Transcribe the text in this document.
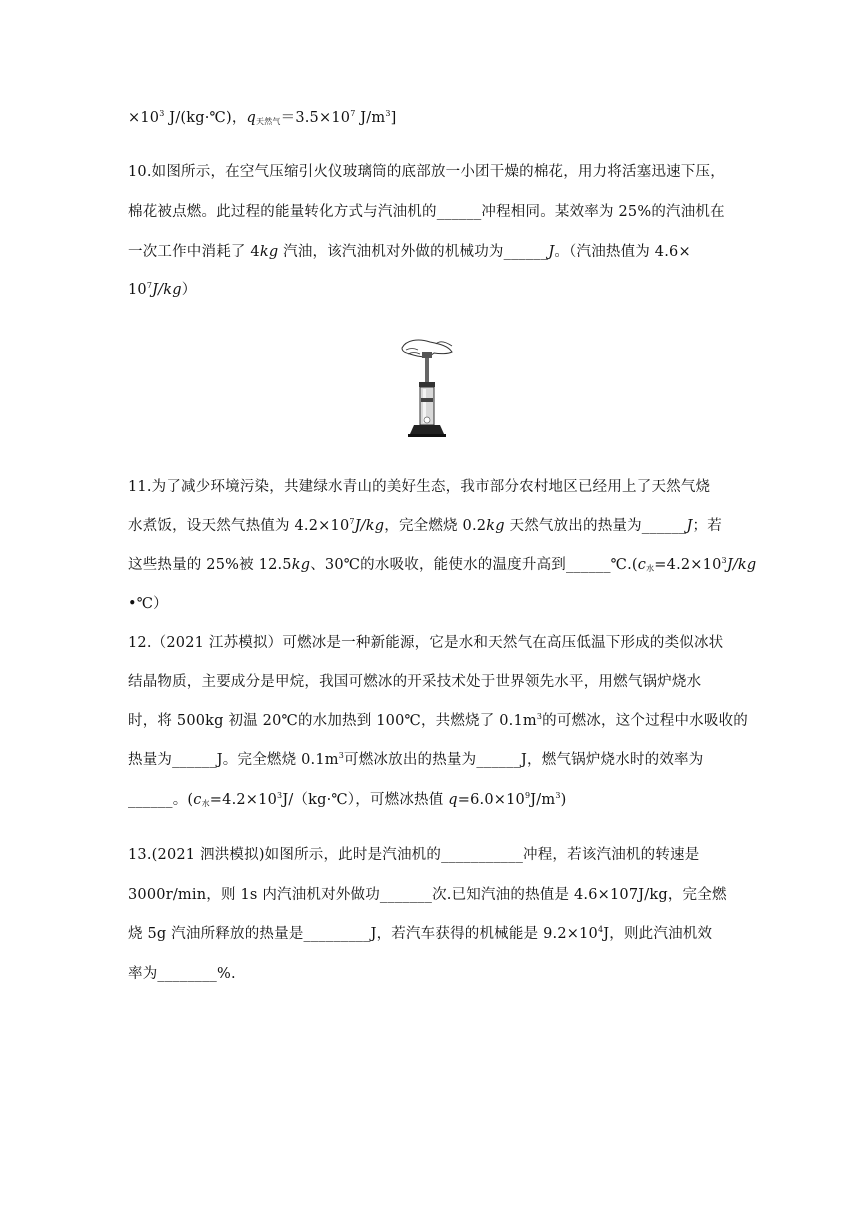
$\times 10^3$ J/(kg·℃)，$q_{天然气}=3.5\times 10^7$ $J/m^3$]
10.如图所示，在空气压缩引火仪玻璃筒的底部放一小团干燥的棉花，用力将活塞迅速下压，
棉花被点燃。此过程的能量转化方式与汽油机的______冲程相同。某效率为 25%的汽油机在
一次工作中消耗了 4kg 汽油，该汽油机对外做的机械功为______J。（汽油热值为 4.6×
$10^7J/kg$）
11.为了减少环境污染，共建绿水青山的美好生态，我市部分农村地区已经用上了天然气烧
水煮饭，设天然气热值为 $4.2\times 10^7J/kg$，完全燃烧 0.2kg 天然气放出的热量为______J；若
这些热量的 25%被 12.5kg、30℃的水吸收，能使水的温度升高到$\_\_\_\_\_\_℃.(c_水=4.2\times 10^3J/kg$
•℃）
12.（2021 江苏模拟）可燃冰是一种新能源，它是水和天然气在高压低温下形成的类似冰状
结晶物质，主要成分是甲烷，我国可燃冰的开采技术处于世界领先水平，用燃气锅炉烧水
时，将 500kg 初温 20℃的水加热到 100℃，共燃烧了 $0.1m^3$的可燃冰，这个过程中水吸收的
热量为______J。完全燃烧 $0.1m^3$可燃冰放出的热量为______J，燃气锅炉烧水时的效率为
______。($c_水=4.2\times 10^3J/(kg\cdot℃)$，可燃冰热值 $q=6.0\times 10^9J/m^3$)
13.(2021 泗洪模拟)如图所示，此时是汽油机的___________冲程，若该汽油机的转速是
3000r/min，则 1s 内汽油机对外做功_______次.已知汽油的热值是 4.6×107J/kg，完全燃
烧 5g 汽油所释放的热量是_________J，若汽车获得的机械能是 $9.2\times 10^4J$，则此汽油机效
率为________%.
